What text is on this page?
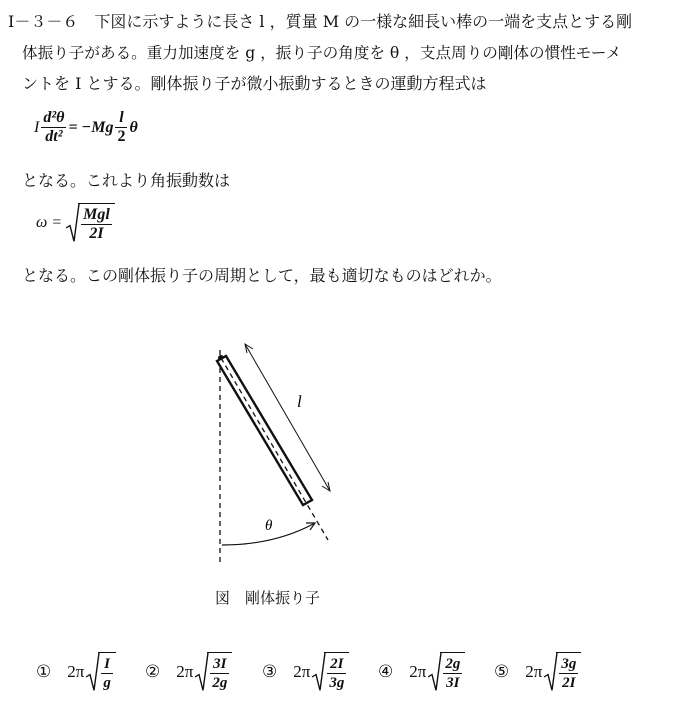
Ⅰ－３－６ 下図に示すように長さ l ，質量 M の一様な細長い棒の一端を支点とする剛
体振り子がある。重力加速度を g ，振り子の角度を θ ，支点周りの剛体の慣性モーメ
ントを I とする。剛体振り子が微小振動するときの運動方程式は
I $\frac{\text{d²θ}}{\text{dt²}} = -Mg \frac{l}{2}$ θ
となる。これより角振動数は
$\omega = \frac{\text{Mgl}}{2I}$
となる。この剛体振り子の周期として，最も適切なものはどれか。
l
θ
図　剛体振り子
① $2\pi \frac{I}{g}$ ② $2\pi \frac{3I}{2g}$ ③ $2\pi \frac{2I}{3g}$ ④ $2\pi \frac{2g}{3I}$ ⑤ $2\pi \frac{3g}{2I}$
